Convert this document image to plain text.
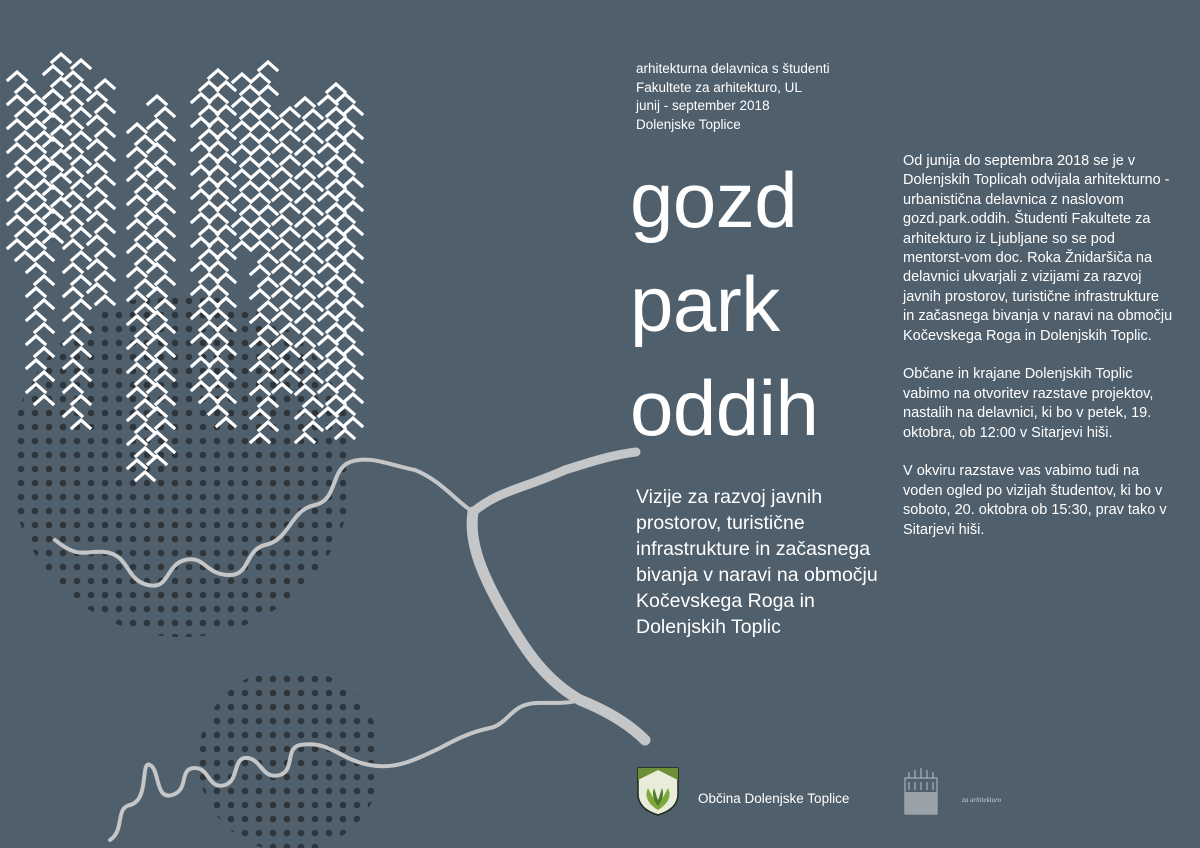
arhitekturna delavnica s študenti
Fakultete za arhitekturo, UL
junij - september 2018
Dolenjske Toplice
gozd
park
oddih
Vizije za razvoj javnih prostorov, turistične infrastrukture in začasnega bivanja v naravi na območju Kočevskega Roga in Dolenjskih Toplic

Od junija do septembra 2018 se je v Dolenjskih Toplicah odvijala arhitekturno - urbanistična delavnica z naslovom gozd.park.oddih. Študenti Fakultete za arhitekturo iz Ljubljane so se pod mentorst-vom doc. Roka Žnidaršiča na delavnici ukvarjali z vizijami za razvoj javnih prostorov, turistične infrastrukture in začasnega bivanja v naravi na območju Kočevskega Roga in Dolenjskih Toplic.

Občane in krajane Dolenjskih Toplic vabimo na otvoritev razstave projektov, nastalih na delavnici, ki bo v petek, 19. oktobra, ob 12:00 v Sitarjevi hiši.

V okviru razstave vas vabimo tudi na voden ogled po vizijah študentov, ki bo v soboto, 20. oktobra ob 15:30, prav tako v Sitarjevi hiši.

Občina Dolenjske Toplice	za arhitekturo
